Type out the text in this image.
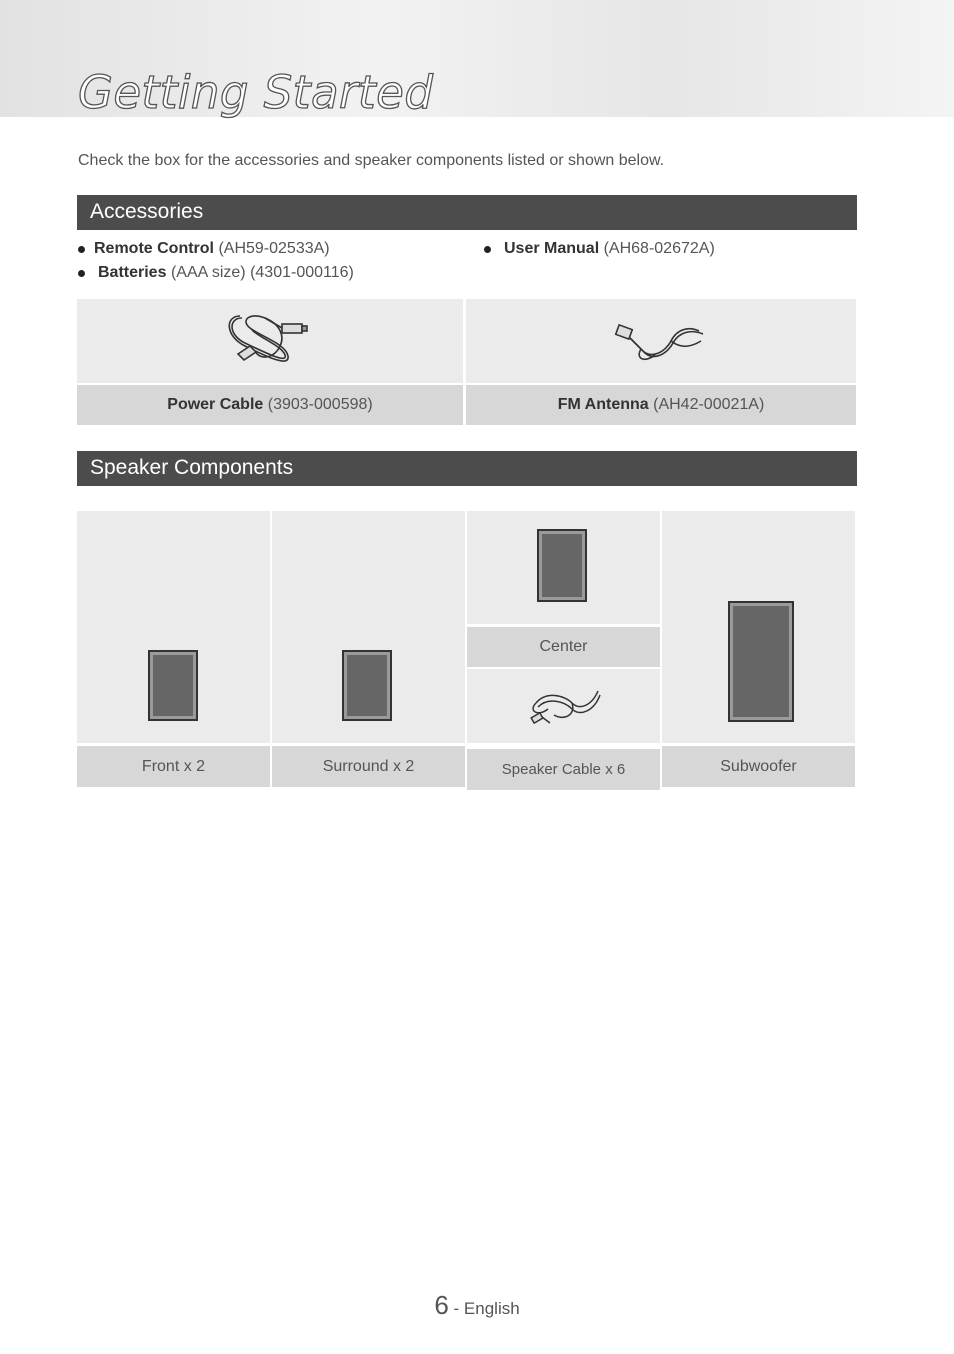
Getting Started
Check the box for the accessories and speaker components listed or shown below.
Accessories
Remote Control
(AH59-02533A)
Batteries
(AAA size) (4301-000116)
User Manual
(AH68-02672A)
Power Cable
(3903-000598)	FM Antenna
(AH42-00021A)
Speaker Components
Front x 2	Surround x 2
Center
Speaker Cable x 6	Subwoofer
6 - English
